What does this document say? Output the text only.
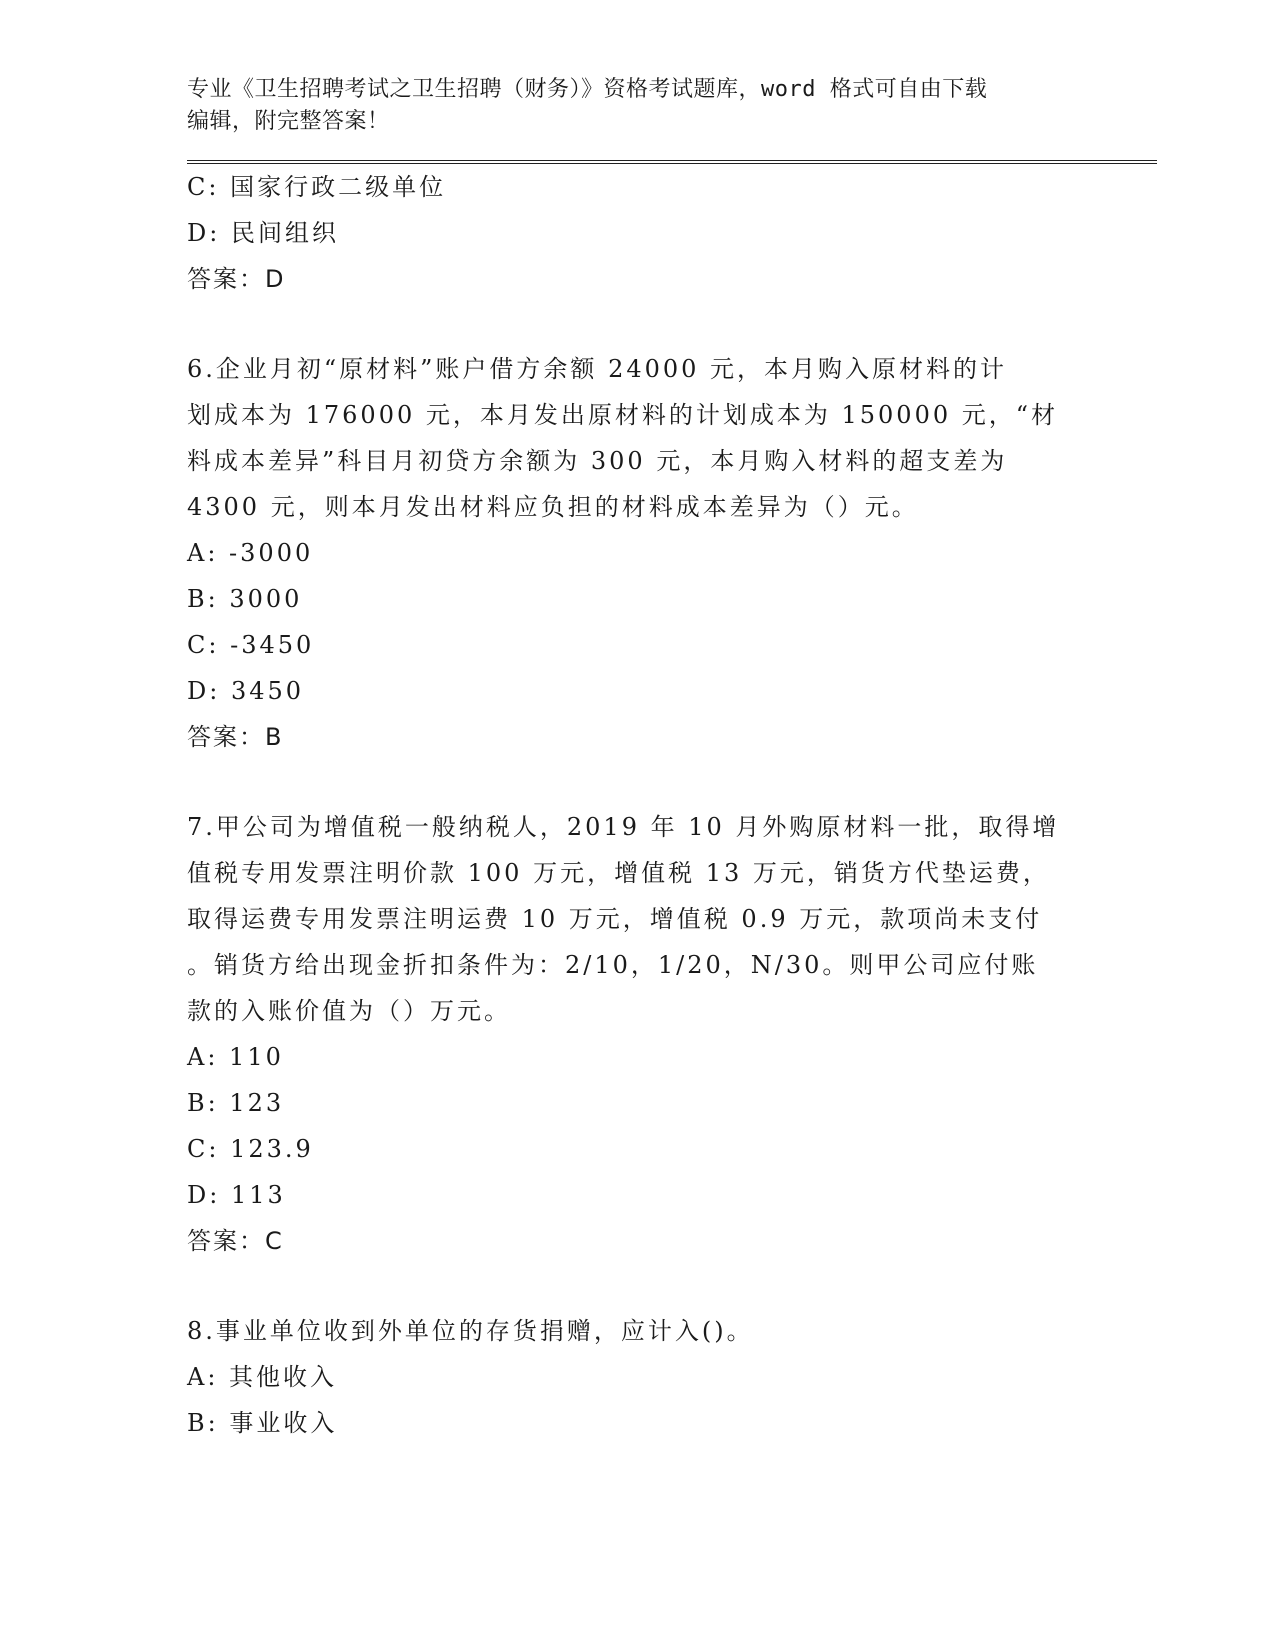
专业《卫生招聘考试之卫生招聘（财务）》资格考试题库，word 格式可自由下载
编辑，附完整答案！
C: 国家行政二级单位
D: 民间组织
答案：D
6.企业月初“原材料”账户借方余额 24000 元，本月购入原材料的计
划成本为 176000 元，本月发出原材料的计划成本为 150000 元，“材
料成本差异”科目月初贷方余额为 300 元，本月购入材料的超支差为
4300 元，则本月发出材料应负担的材料成本差异为（）元。
A: -3000
B: 3000
C: -3450
D: 3450
答案：B
7.甲公司为增值税一般纳税人，2019 年 10 月外购原材料一批，取得增
值税专用发票注明价款 100 万元，增值税 13 万元，销货方代垫运费，
取得运费专用发票注明运费 10 万元，增值税 0.9 万元，款项尚未支付
。销货方给出现金折扣条件为：2/10，1/20，N/30。则甲公司应付账
款的入账价值为（）万元。
A: 110
B: 123
C: 123.9
D: 113
答案：C
8.事业单位收到外单位的存货捐赠，应计入()。
A: 其他收入
B: 事业收入
